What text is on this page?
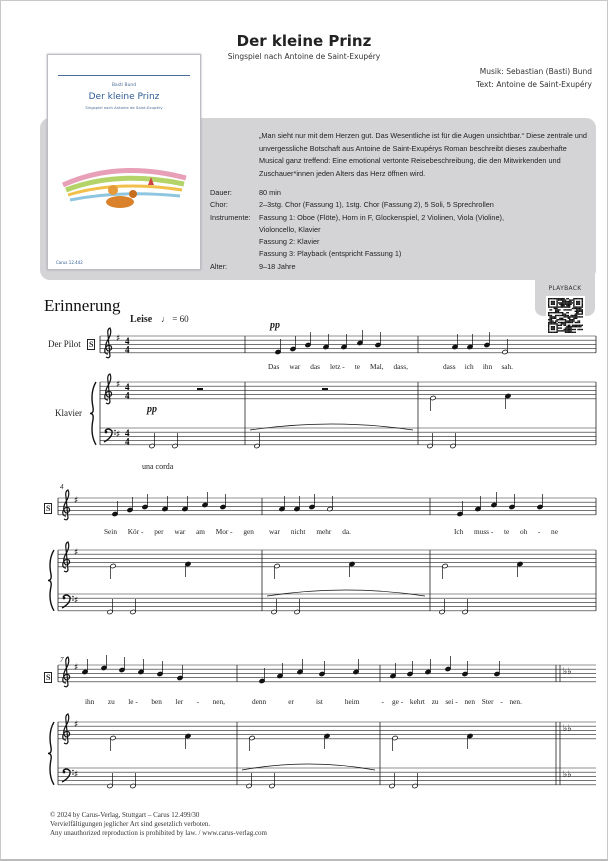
Der kleine Prinz
Singspiel nach Antoine de Saint-Exupéry
Musik: Sebastian (Basti) Bund
Text: Antoine de Saint-Exupéry
Basti Bund
Der kleine Prinz
Singspiel nach Antoine de Saint-Exupéry
Carus 12.442
„Man sieht nur mit dem Herzen gut. Das Wesentliche ist für die Augen unsichtbar.“ Diese zentrale und unvergessliche Botschaft aus Antoine de Saint-Exupérys Roman beschreibt dieses zauberhafte Musical ganz treffend: Eine emotional vertonte Reisebeschreibung, die den Mitwirkenden und Zuschauer*innen jeden Alters das Herz öffnen wird.
Dauer:	80 min
Chor:	2–3stg. Chor (Fassung 1), 1stg. Chor (Fassung 2), 5 Soli, 5 Sprechrollen
Instrumente:	Fassung 1: Oboe (Flöte), Horn in F, Glockenspiel, 2 Violinen, Viola (Violine),
	Violoncello, Klavier
	Fassung 2: Klavier
	Fassung 3: Playback (entspricht Fassung 1)
Alter:	9–18 Jahre
PLAYBACK
Erinnerung
♯
♯
♯
4
4
4
4
4
4
♯
♯
♯
♯
♯
♯
♭♭
♭♭
♭♭
Leise ♩ = 60
Der Pilot S
Klavier
pp
pp
una corda
4
S
7
S
Das war das letz - te Mal, dass,	dass ich ihn sah.
Sein Kör - per war am Mor - gen war nicht mehr da.	Ich muss - te oh - ne
ihn zu le - ben ler - nen,	denn	er	ist	heim	- ge - kehrt zu sei - nen Ster - nen.
© 2024 by Carus-Verlag, Stuttgart – Carus 12.499/30
Vervielfältigungen jeglicher Art sind gesetzlich verboten.
Any unauthorized reproduction is prohibited by law. / www.carus-verlag.com
